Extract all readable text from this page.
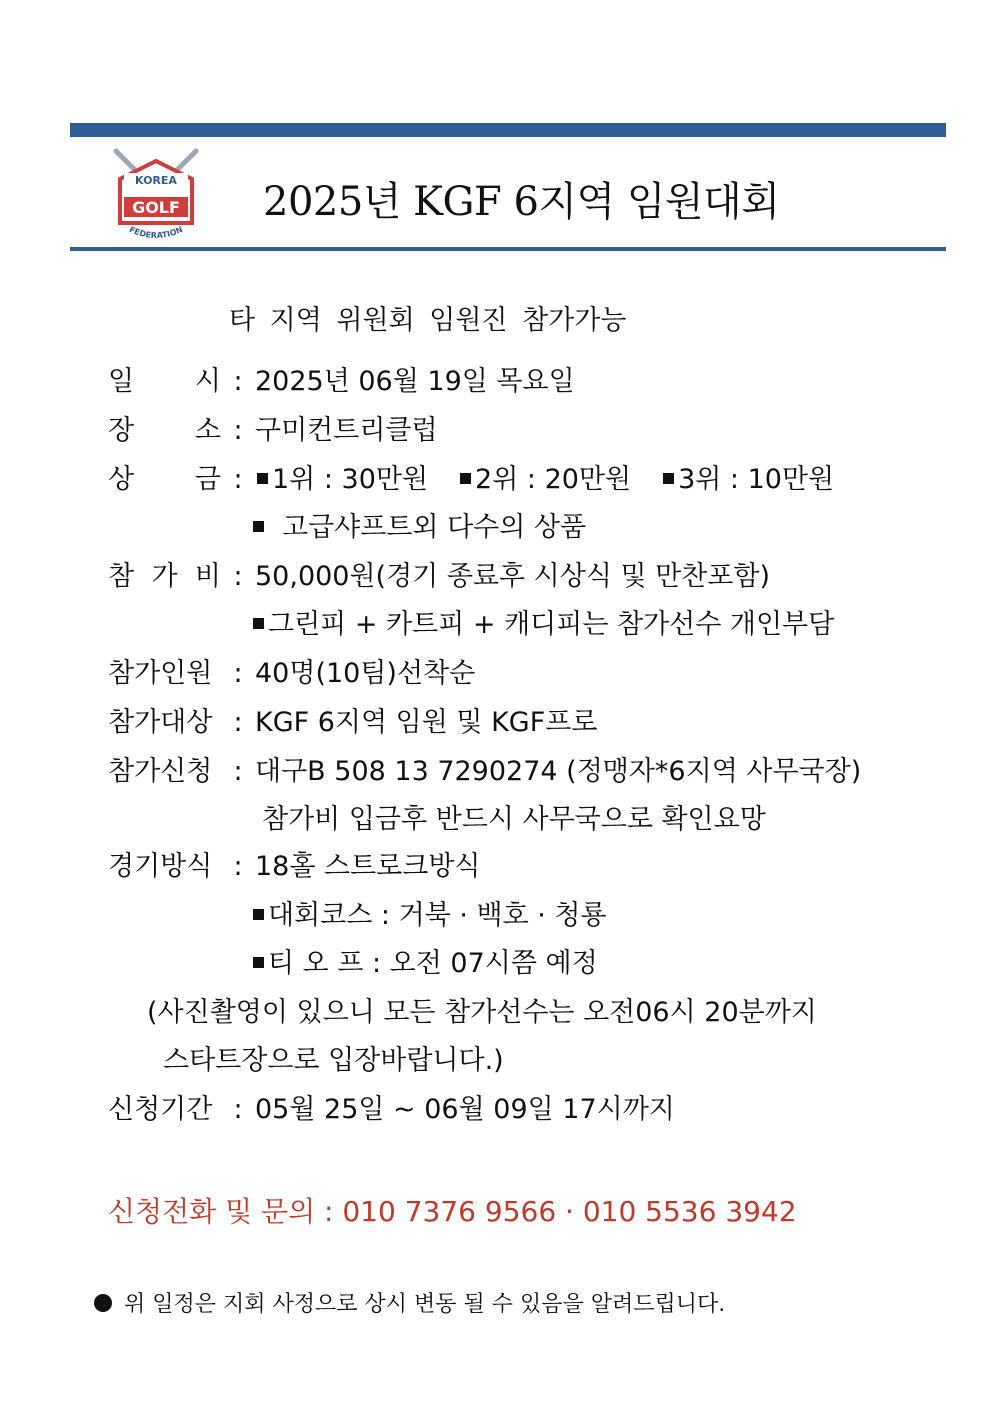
KOREA
GOLF
FEDERATION
2025년 KGF 6지역 임원대회
타 지역 위원회 임원진 참가가능
일 시 : 2025년 06월 19일 목요일
장 소 : 구미컨트리클럽
상 금 : 1위 : 30만원 2위 : 20만원 3위 : 10만원
고급샤프트외 다수의 상품
참 가 비 : 50,000원(경기 종료후 시상식 및 만찬포함)
그린피 + 카트피 + 캐디피는 참가선수 개인부담
참가인원 : 40명(10팀)선착순
참가대상 : KGF 6지역 임원 및 KGF프로
참가신청 : 대구B 508 13 7290274 (정맹자*6지역 사무국장)
참가비 입금후 반드시 사무국으로 확인요망
경기방식 : 18홀 스트로크방식
대회코스 : 거북 · 백호 · 청룡
티 오 프 : 오전 07시쯤 예정
(사진촬영이 있으니 모든 참가선수는 오전06시 20분까지
스타트장으로 입장바랍니다.)
신청기간 : 05월 25일 ~ 06월 09일 17시까지
신청전화 및 문의 : 010 7376 9566 · 010 5536 3942
위 일정은 지회 사정으로 상시 변동 될 수 있음을 알려드립니다.
